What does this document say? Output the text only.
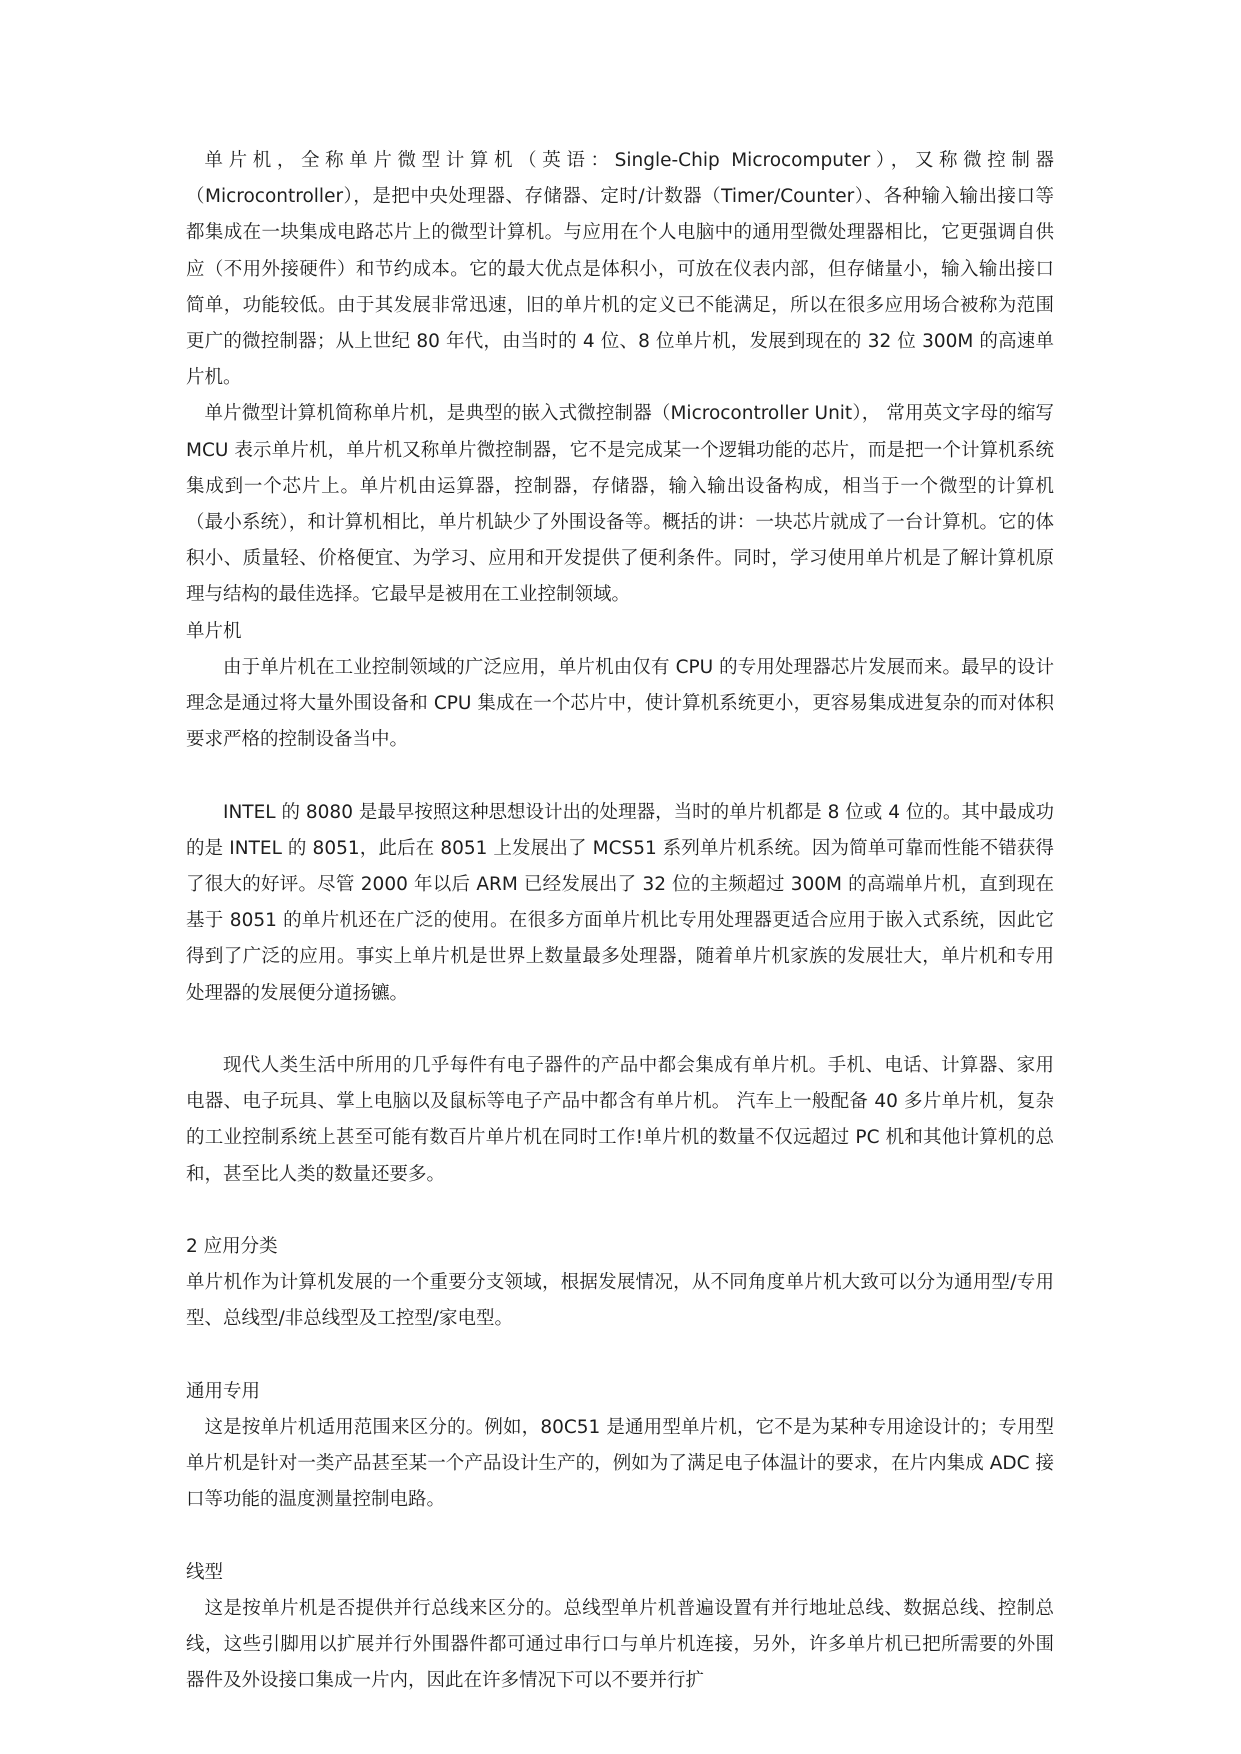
单片机，全称单片微型计算机（英语：Single-Chip Microcomputer），又称微控制器（Microcontroller），是把中央处理器、存储器、定时/计数器（Timer/Counter）、各种输入输出接口等都集成在一块集成电路芯片上的微型计算机。与应用在个人电脑中的通用型微处理器相比，它更强调自供应（不用外接硬件）和节约成本。它的最大优点是体积小，可放在仪表内部，但存储量小，输入输出接口简单，功能较低。由于其发展非常迅速，旧的单片机的定义已不能满足，所以在很多应用场合被称为范围更广的微控制器；从上世纪 80 年代，由当时的 4 位、8 位单片机，发展到现在的 32 位 300M 的高速单片机。

单片微型计算机简称单片机，是典型的嵌入式微控制器（Microcontroller Unit）， 常用英文字母的缩写 MCU 表示单片机，单片机又称单片微控制器，它不是完成某一个逻辑功能的芯片，而是把一个计算机系统集成到一个芯片上。单片机由运算器，控制器，存储器，输入输出设备构成，相当于一个微型的计算机（最小系统），和计算机相比，单片机缺少了外围设备等。概括的讲：一块芯片就成了一台计算机。它的体积小、质量轻、价格便宜、为学习、应用和开发提供了便利条件。同时，学习使用单片机是了解计算机原理与结构的最佳选择。它最早是被用在工业控制领域。

单片机

由于单片机在工业控制领域的广泛应用，单片机由仅有 CPU 的专用处理器芯片发展而来。最早的设计理念是通过将大量外围设备和 CPU 集成在一个芯片中，使计算机系统更小，更容易集成进复杂的而对体积要求严格的控制设备当中。

INTEL 的 8080 是最早按照这种思想设计出的处理器，当时的单片机都是 8 位或 4 位的。其中最成功的是 INTEL 的 8051，此后在 8051 上发展出了 MCS51 系列单片机系统。因为简单可靠而性能不错获得了很大的好评。尽管 2000 年以后 ARM 已经发展出了 32 位的主频超过 300M 的高端单片机，直到现在基于 8051 的单片机还在广泛的使用。在很多方面单片机比专用处理器更适合应用于嵌入式系统，因此它得到了广泛的应用。事实上单片机是世界上数量最多处理器，随着单片机家族的发展壮大，单片机和专用处理器的发展便分道扬镳。

现代人类生活中所用的几乎每件有电子器件的产品中都会集成有单片机。手机、电话、计算器、家用电器、电子玩具、掌上电脑以及鼠标等电子产品中都含有单片机。 汽车上一般配备 40 多片单片机，复杂的工业控制系统上甚至可能有数百片单片机在同时工作!单片机的数量不仅远超过 PC 机和其他计算机的总和，甚至比人类的数量还要多。

2 应用分类

单片机作为计算机发展的一个重要分支领域，根据发展情况，从不同角度单片机大致可以分为通用型/专用型、总线型/非总线型及工控型/家电型。

通用专用

这是按单片机适用范围来区分的。例如，80C51 是通用型单片机，它不是为某种专用途设计的；专用型单片机是针对一类产品甚至某一个产品设计生产的，例如为了满足电子体温计的要求，在片内集成 ADC 接口等功能的温度测量控制电路。

线型

这是按单片机是否提供并行总线来区分的。总线型单片机普遍设置有并行地址总线、数据总线、控制总线，这些引脚用以扩展并行外围器件都可通过串行口与单片机连接，另外，许多单片机已把所需要的外围器件及外设接口集成一片内，因此在许多情况下可以不要并行扩
